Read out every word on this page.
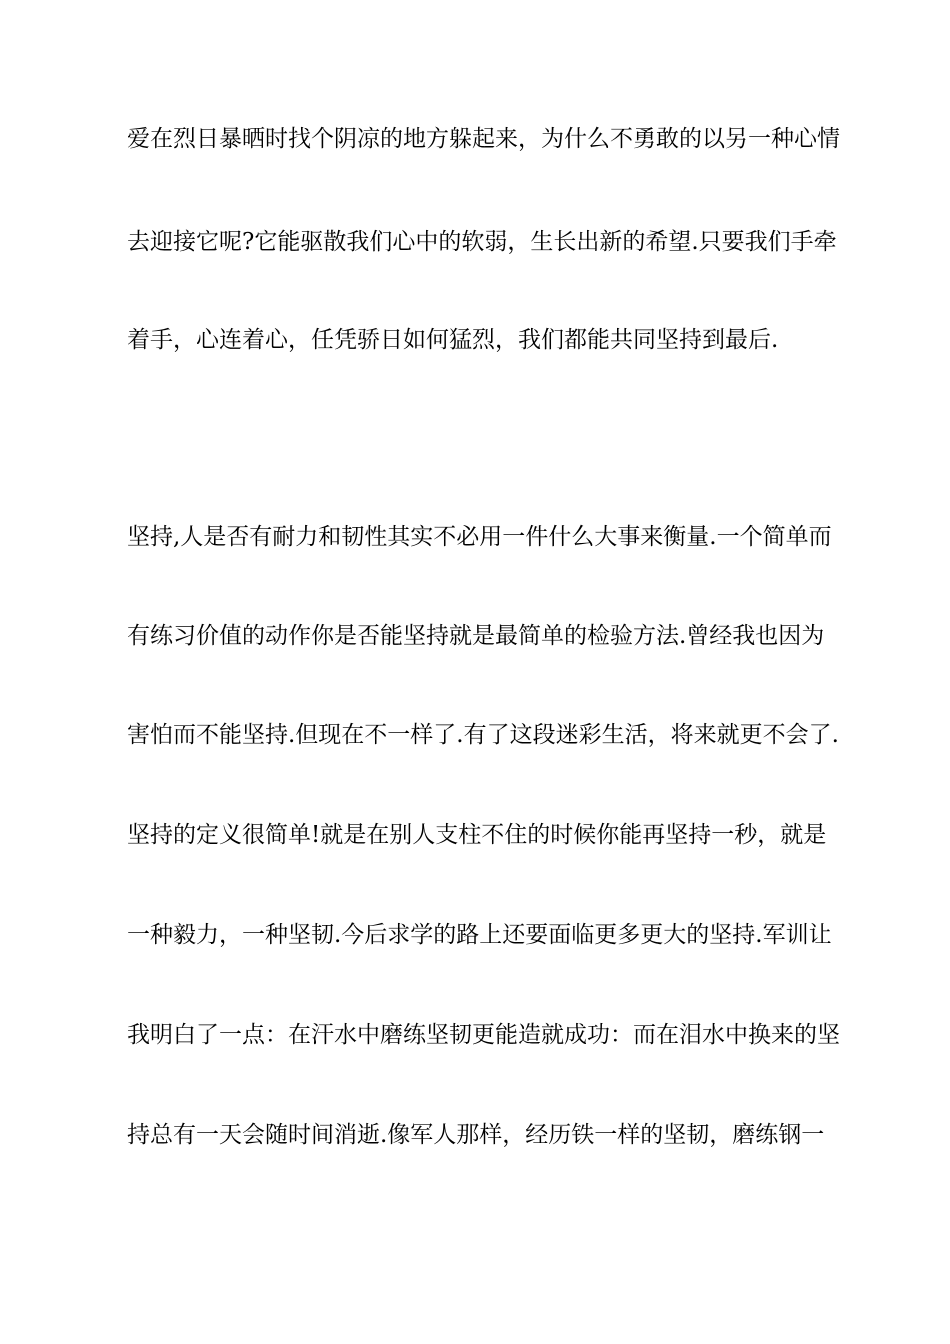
爱在烈日暴晒时找个阴凉的地方躲起来，为什么不勇敢的以另一种心情
去迎接它呢?它能驱散我们心中的软弱，生长出新的希望.只要我们手牵
着手，心连着心，任凭骄日如何猛烈，我们都能共同坚持到最后.
坚持,人是否有耐力和韧性其实不必用一件什么大事来衡量.一个简单而
有练习价值的动作你是否能坚持就是最简单的检验方法.曾经我也因为
害怕而不能坚持.但现在不一样了.有了这段迷彩生活，将来就更不会了.
坚持的定义很简单!就是在别人支柱不住的时候你能再坚持一秒，就是
一种毅力，一种坚韧.今后求学的路上还要面临更多更大的坚持.军训让
我明白了一点：在汗水中磨练坚韧更能造就成功：而在泪水中换来的坚
持总有一天会随时间消逝.像军人那样，经历铁一样的坚韧，磨练钢一
